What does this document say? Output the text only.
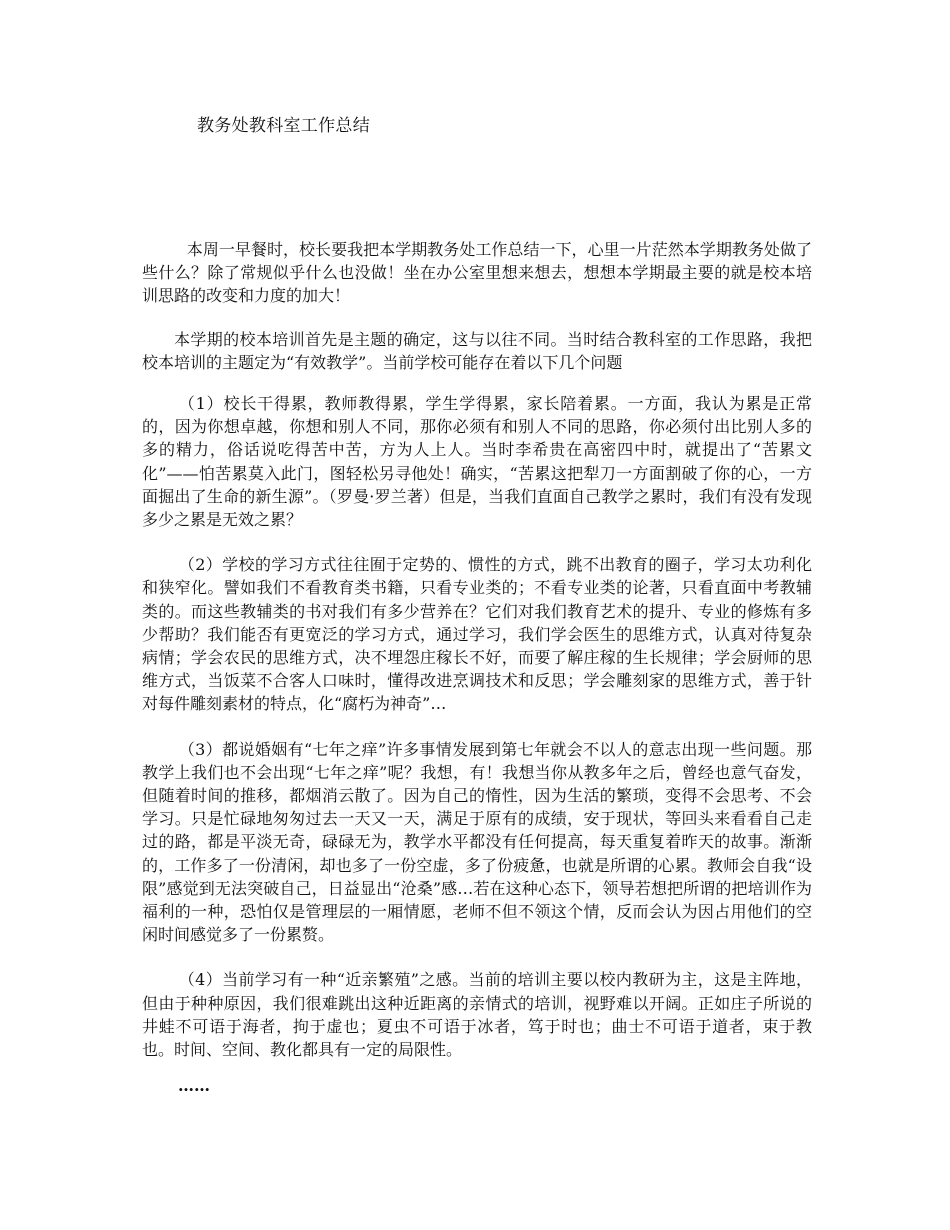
教务处教科室工作总结

本周一早餐时，校长要我把本学期教务处工作总结一下，心里一片茫然本学期教务处做了些什么？除了常规似乎什么也没做！坐在办公室里想来想去，想想本学期最主要的就是校本培训思路的改变和力度的加大！

本学期的校本培训首先是主题的确定，这与以往不同。当时结合教科室的工作思路，我把校本培训的主题定为“有效教学”。当前学校可能存在着以下几个问题

（1）校长干得累，教师教得累，学生学得累，家长陪着累。一方面，我认为累是正常的，因为你想卓越，你想和别人不同，那你必须有和别人不同的思路，你必须付出比别人多的多的精力，俗话说吃得苦中苦，方为人上人。当时李希贵在高密四中时，就提出了“苦累文化”——怕苦累莫入此门，图轻松另寻他处！确实，“苦累这把犁刀一方面割破了你的心，一方面掘出了生命的新生源”。（罗曼·罗兰著）但是，当我们直面自己教学之累时，我们有没有发现多少之累是无效之累？

（2）学校的学习方式往往囿于定势的、惯性的方式，跳不出教育的圈子，学习太功利化和狭窄化。譬如我们不看教育类书籍，只看专业类的；不看专业类的论著，只看直面中考教辅类的。而这些教辅类的书对我们有多少营养在？它们对我们教育艺术的提升、专业的修炼有多少帮助？我们能否有更宽泛的学习方式，通过学习，我们学会医生的思维方式，认真对待复杂病情；学会农民的思维方式，决不埋怨庄稼长不好，而要了解庄稼的生长规律；学会厨师的思维方式，当饭菜不合客人口味时，懂得改进烹调技术和反思；学会雕刻家的思维方式，善于针对每件雕刻素材的特点，化“腐朽为神奇”…

（3）都说婚姻有“七年之痒”许多事情发展到第七年就会不以人的意志出现一些问题。那教学上我们也不会出现“七年之痒”呢？我想，有！我想当你从教多年之后，曾经也意气奋发，但随着时间的推移，都烟消云散了。因为自己的惰性，因为生活的繁琐，变得不会思考、不会学习。只是忙碌地匆匆过去一天又一天，满足于原有的成绩，安于现状，等回头来看看自己走过的路，都是平淡无奇，碌碌无为，教学水平都没有任何提高，每天重复着昨天的故事。渐渐的，工作多了一份清闲，却也多了一份空虚，多了份疲惫，也就是所谓的心累。教师会自我“设限”感觉到无法突破自己，日益显出“沧桑”感…若在这种心态下，领导若想把所谓的把培训作为福利的一种，恐怕仅是管理层的一厢情愿，老师不但不领这个情，反而会认为因占用他们的空闲时间感觉多了一份累赘。

（4）当前学习有一种“近亲繁殖”之感。当前的培训主要以校内教研为主，这是主阵地，但由于种种原因，我们很难跳出这种近距离的亲情式的培训，视野难以开阔。正如庄子所说的井蛙不可语于海者，拘于虚也；夏虫不可语于冰者，笃于时也；曲士不可语于道者，束于教也。时间、空间、教化都具有一定的局限性。

……
